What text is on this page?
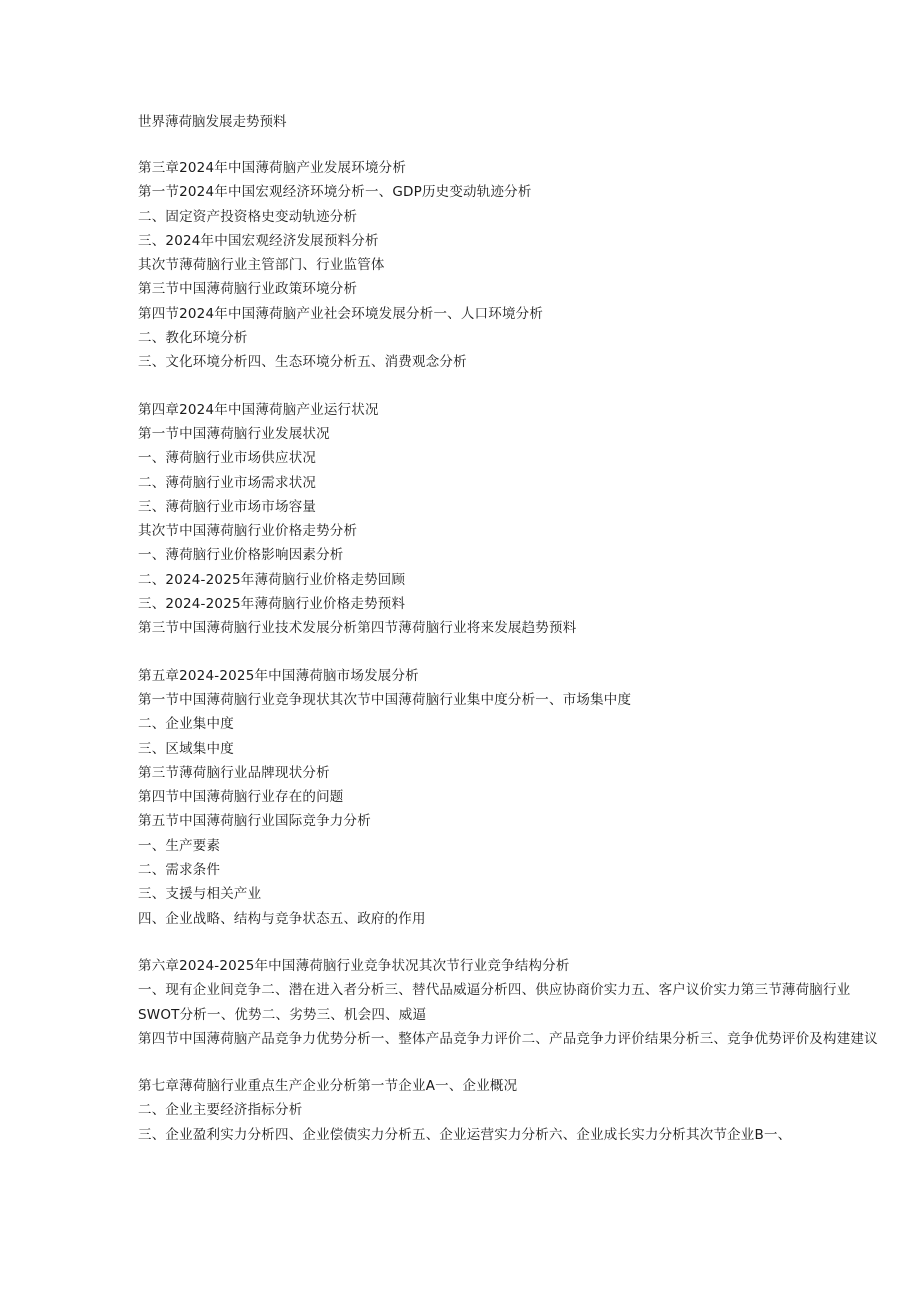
世界薄荷脑发展走势预料

第三章2024年中国薄荷脑产业发展环境分析

第一节2024年中国宏观经济环境分析一、GDP历史变动轨迹分析

二、固定资产投资格史变动轨迹分析

三、2024年中国宏观经济发展预料分析

其次节薄荷脑行业主管部门、行业监管体

第三节中国薄荷脑行业政策环境分析

第四节2024年中国薄荷脑产业社会环境发展分析一、人口环境分析

二、教化环境分析

三、文化环境分析四、生态环境分析五、消费观念分析

第四章2024年中国薄荷脑产业运行状况

第一节中国薄荷脑行业发展状况

一、薄荷脑行业市场供应状况

二、薄荷脑行业市场需求状况

三、薄荷脑行业市场市场容量

其次节中国薄荷脑行业价格走势分析

一、薄荷脑行业价格影响因素分析

二、2024-2025年薄荷脑行业价格走势回顾

三、2024-2025年薄荷脑行业价格走势预料

第三节中国薄荷脑行业技术发展分析第四节薄荷脑行业将来发展趋势预料

第五章2024-2025年中国薄荷脑市场发展分析

第一节中国薄荷脑行业竞争现状其次节中国薄荷脑行业集中度分析一、市场集中度

二、企业集中度

三、区域集中度

第三节薄荷脑行业品牌现状分析

第四节中国薄荷脑行业存在的问题

第五节中国薄荷脑行业国际竞争力分析

一、生产要素

二、需求条件

三、支援与相关产业

四、企业战略、结构与竞争状态五、政府的作用

第六章2024-2025年中国薄荷脑行业竞争状况其次节行业竞争结构分析

一、现有企业间竞争二、潜在进入者分析三、替代品威逼分析四、供应协商价实力五、客户议价实力第三节薄荷脑行业SWOT分析一、优势二、劣势三、机会四、威逼

第四节中国薄荷脑产品竞争力优势分析一、整体产品竞争力评价二、产品竞争力评价结果分析三、竞争优势评价及构建建议

第七章薄荷脑行业重点生产企业分析第一节企业A一、企业概况

二、企业主要经济指标分析

三、企业盈利实力分析四、企业偿债实力分析五、企业运营实力分析六、企业成长实力分析其次节企业B一、
